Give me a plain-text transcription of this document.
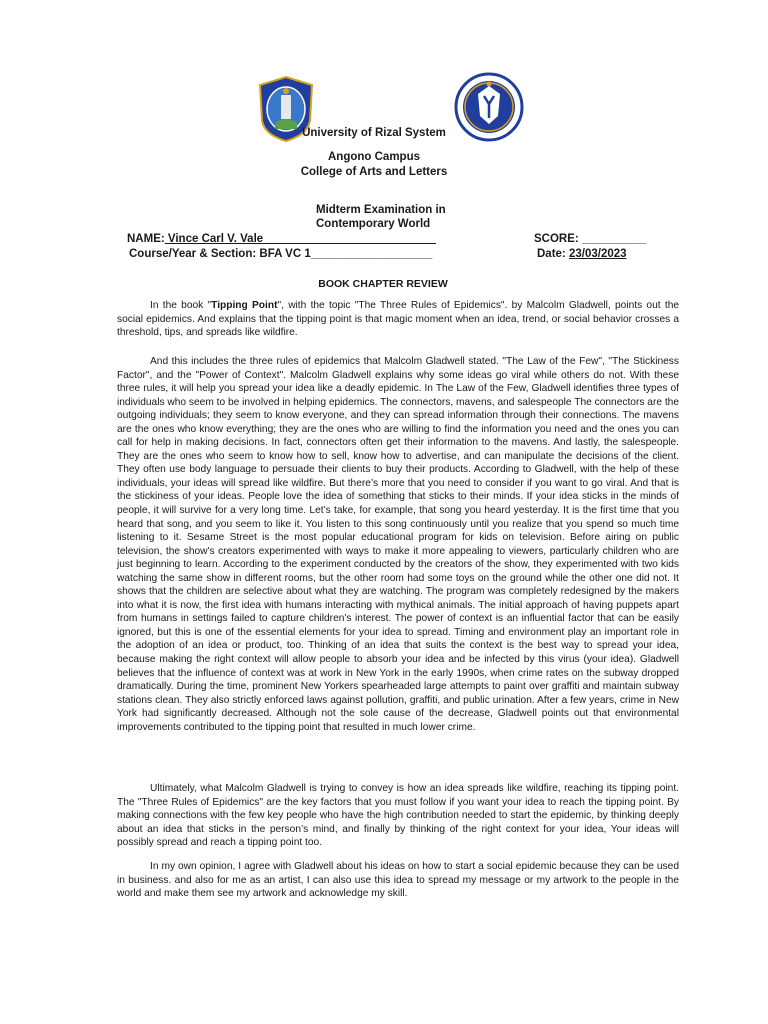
University of Rizal System
Angono Campus
College of Arts and Letters
Midterm Examination in
Contemporary World
NAME: Vince Carl V. Vale___________________________	SCORE: __________
Course/Year & Section: BFA VC 1___________________	Date: 23/03/2023
BOOK CHAPTER REVIEW

In the book "Tipping Point", with the topic "The Three Rules of Epidemics". by Malcolm Gladwell, points out the social epidemics. And explains that the tipping point is that magic moment when an idea, trend, or social behavior crosses a threshold, tips, and spreads like wildfire.

And this includes the three rules of epidemics that Malcolm Gladwell stated. "The Law of the Few", "The Stickiness Factor", and the "Power of Context". Malcolm Gladwell explains why some ideas go viral while others do not. With these three rules, it will help you spread your idea like a deadly epidemic. In The Law of the Few, Gladwell identifies three types of individuals who seem to be involved in helping epidemics. The connectors, mavens, and salespeople The connectors are the outgoing individuals; they seem to know everyone, and they can spread information through their connections. The mavens are the ones who know everything; they are the ones who are willing to find the information you need and the ones you can call for help in making decisions. In fact, connectors often get their information to the mavens. And lastly, the salespeople. They are the ones who seem to know how to sell, know how to advertise, and can manipulate the decisions of the client. They often use body language to persuade their clients to buy their products. According to Gladwell, with the help of these individuals, your ideas will spread like wildfire. But there’s more that you need to consider if you want to go viral. And that is the stickiness of your ideas. People love the idea of something that sticks to their minds. If your idea sticks in the minds of people, it will survive for a very long time. Let’s take, for example, that song you heard yesterday. It is the first time that you heard that song, and you seem to like it. You listen to this song continuously until you realize that you spend so much time listening to it. Sesame Street is the most popular educational program for kids on television. Before airing on public television, the show's creators experimented with ways to make it more appealing to viewers, particularly children who are just beginning to learn. According to the experiment conducted by the creators of the show, they experimented with two kids watching the same show in different rooms, but the other room had some toys on the ground while the other one did not. It shows that the children are selective about what they are watching. The program was completely redesigned by the makers into what it is now, the first idea with humans interacting with mythical animals. The initial approach of having puppets apart from humans in settings failed to capture children's interest. The power of context is an influential factor that can be easily ignored, but this is one of the essential elements for your idea to spread. Timing and environment play an important role in the adoption of an idea or product, too. Thinking of an idea that suits the context is the best way to spread your idea, because making the right context will allow people to absorb your idea and be infected by this virus (your idea). Gladwell believes that the influence of context was at work in New York in the early 1990s, when crime rates on the subway dropped dramatically. During the time, prominent New Yorkers spearheaded large attempts to paint over graffiti and maintain subway stations clean. They also strictly enforced laws against pollution, graffiti, and public urination. After a few years, crime in New York had significantly decreased. Although not the sole cause of the decrease, Gladwell points out that environmental improvements contributed to the tipping point that resulted in much lower crime.

Ultimately, what Malcolm Gladwell is trying to convey is how an idea spreads like wildfire, reaching its tipping point. The "Three Rules of Epidemics" are the key factors that you must follow if you want your idea to reach the tipping point. By making connections with the few key people who have the high contribution needed to start the epidemic, by thinking deeply about an idea that sticks in the person’s mind, and finally by thinking of the right context for your idea, Your ideas will possibly spread and reach a tipping point too.

In my own opinion, I agree with Gladwell about his ideas on how to start a social epidemic because they can be used in business. and also for me as an artist, I can also use this idea to spread my message or my artwork to the people in the world and make them see my artwork and acknowledge my skill.
